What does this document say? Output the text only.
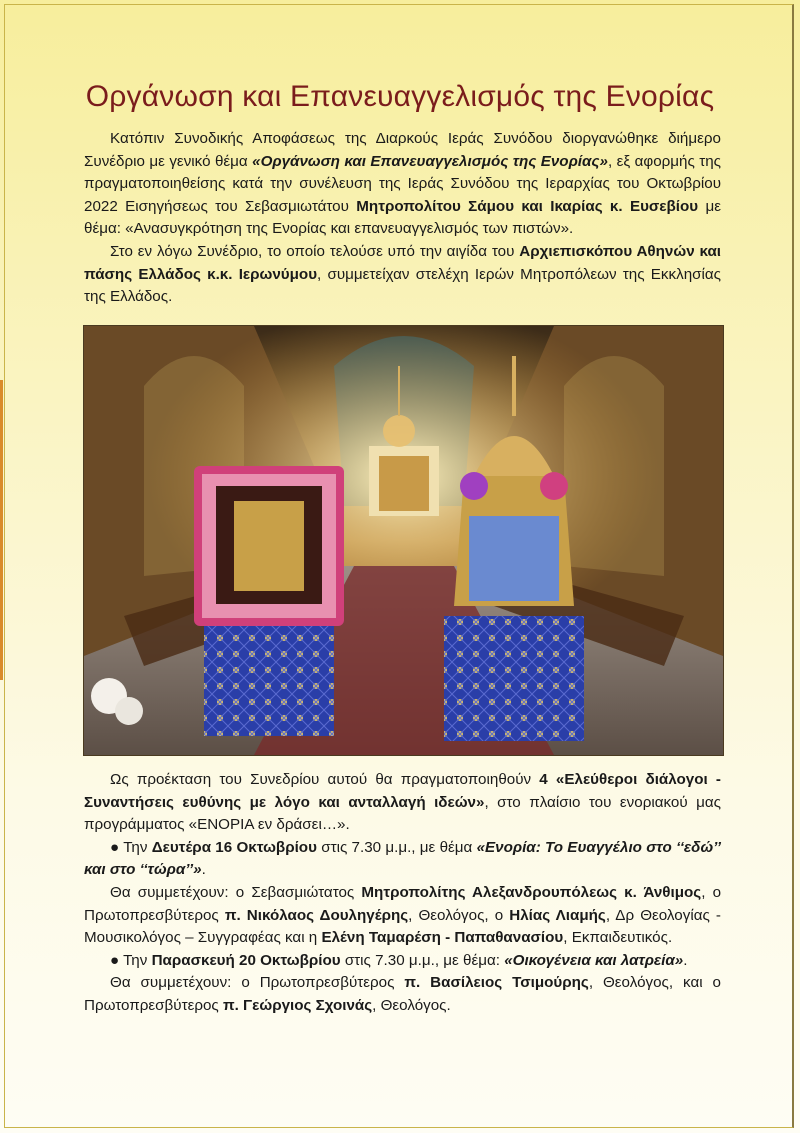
Οργάνωση και Επανευαγγελισμός της Ενορίας

Κατόπιν Συνοδικής Αποφάσεως της Διαρκούς Ιεράς Συνόδου διοργανώθηκε διήμερο Συνέδριο με γενικό θέμα «Οργάνωση και Επανευαγγελισμός της Ενορίας», εξ αφορμής της πραγματοποιηθείσης κατά την συνέλευση της Ιεράς Συνόδου της Ιεραρχίας του Οκτωβρίου 2022 Εισηγήσεως του Σεβασμιωτάτου Μητροπολίτου Σάμου και Ικαρίας κ. Ευσεβίου με θέμα: «Ανασυγκρότηση της Ενορίας και επανευαγγελισμός των πιστών».

Στο εν λόγω Συνέδριο, το οποίο τελούσε υπό την αιγίδα του Αρχιεπισκόπου Αθηνών και πάσης Ελλάδος κ.κ. Ιερωνύμου, συμμετείχαν στελέχη Ιερών Μητροπόλεων της Εκκλησίας της Ελλάδος.

Ως προέκταση του Συνεδρίου αυτού θα πραγματοποιηθούν 4 «Ελεύθεροι διάλογοι - Συναντήσεις ευθύνης με λόγο και ανταλλαγή ιδεών», στο πλαίσιο του ενοριακού μας προγράμματος «ΕΝΟΡΙΑ εν δράσει…».

● Την Δευτέρα 16 Οκτωβρίου στις 7.30 μ.μ., με θέμα «Ενορία: Το Ευαγγέλιο στο ‘‘εδώ’’ και στο ‘‘τώρα’’».

Θα συμμετέχουν: ο Σεβασμιώτατος Μητροπολίτης Αλεξανδρουπόλεως κ. Άνθιμος, ο Πρωτοπρεσβύτερος π. Νικόλαος Δουληγέρης, Θεολόγος, ο Ηλίας Λιαμής, Δρ Θεολογίας - Μουσικολόγος – Συγγραφέας και η Ελένη Ταμαρέση - Παπαθανασίου, Εκπαιδευτικός.

● Την Παρασκευή 20 Οκτωβρίου στις 7.30 μ.μ., με θέμα: «Οικογένεια και λατρεία».

Θα συμμετέχουν: ο Πρωτοπρεσβύτερος π. Βασίλειος Τσιμούρης, Θεολόγος, και ο Πρωτοπρεσβύτερος π. Γεώργιος Σχοινάς, Θεολόγος.
